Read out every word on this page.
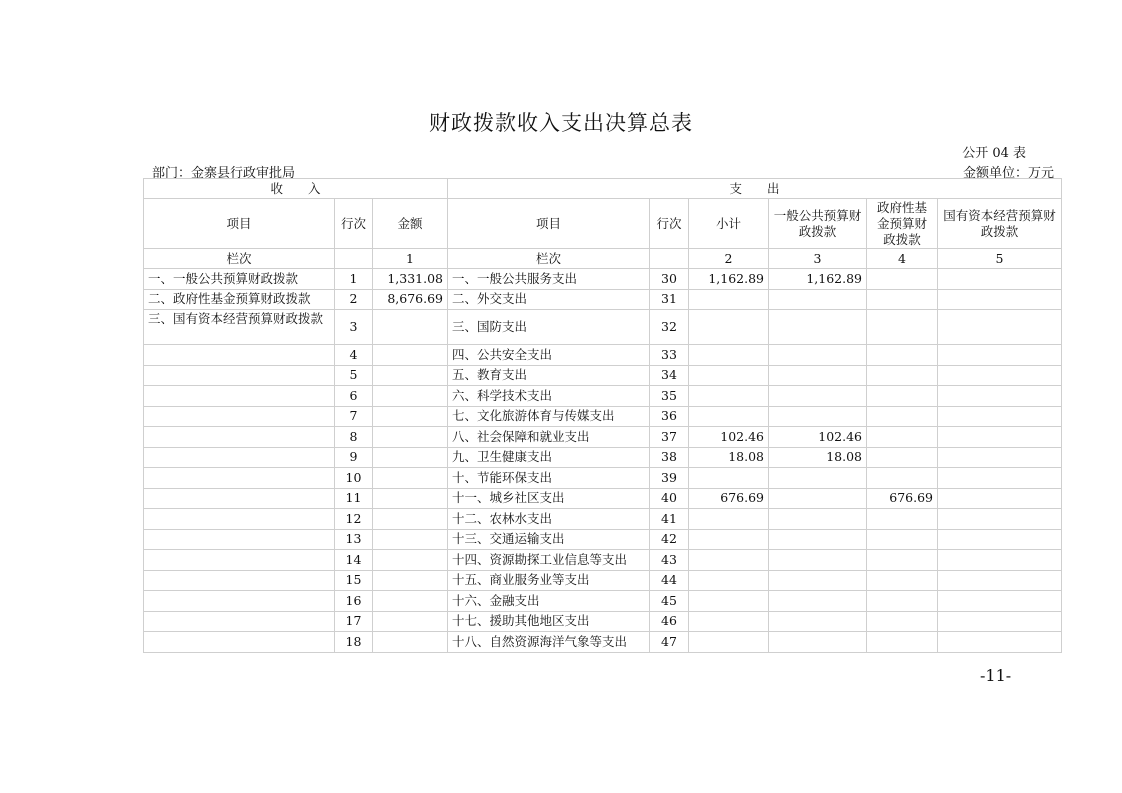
财政拨款收入支出决算总表
公开 04 表
部门：金寨县行政审批局	金额单位：万元
收　　入			支　　出					
项目	行次	金额	项目	行次	小计	一般公共预算财政拨款	政府性基金预算财政拨款	国有资本经营预算财政拨款
栏次		1	栏次		2	3	4	5
一、一般公共预算财政拨款	1	1,331.08	一、一般公共服务支出	30	1,162.89	1,162.89		
二、政府性基金预算财政拨款	2	8,676.69	二、外交支出	31				
三、国有资本经营预算财政拨款	3		三、国防支出	32				
	4		四、公共安全支出	33				
	5		五、教育支出	34				
	6		六、科学技术支出	35				
	7		七、文化旅游体育与传媒支出	36				
	8		八、社会保障和就业支出	37	102.46	102.46		
	9		九、卫生健康支出	38	18.08	18.08		
	10		十、节能环保支出	39				
	11		十一、城乡社区支出	40	676.69		676.69	
	12		十二、农林水支出	41				
	13		十三、交通运输支出	42				
	14		十四、资源勘探工业信息等支出	43				
	15		十五、商业服务业等支出	44				
	16		十六、金融支出	45				
	17		十七、援助其他地区支出	46				
	18		十八、自然资源海洋气象等支出	47				
-11-
